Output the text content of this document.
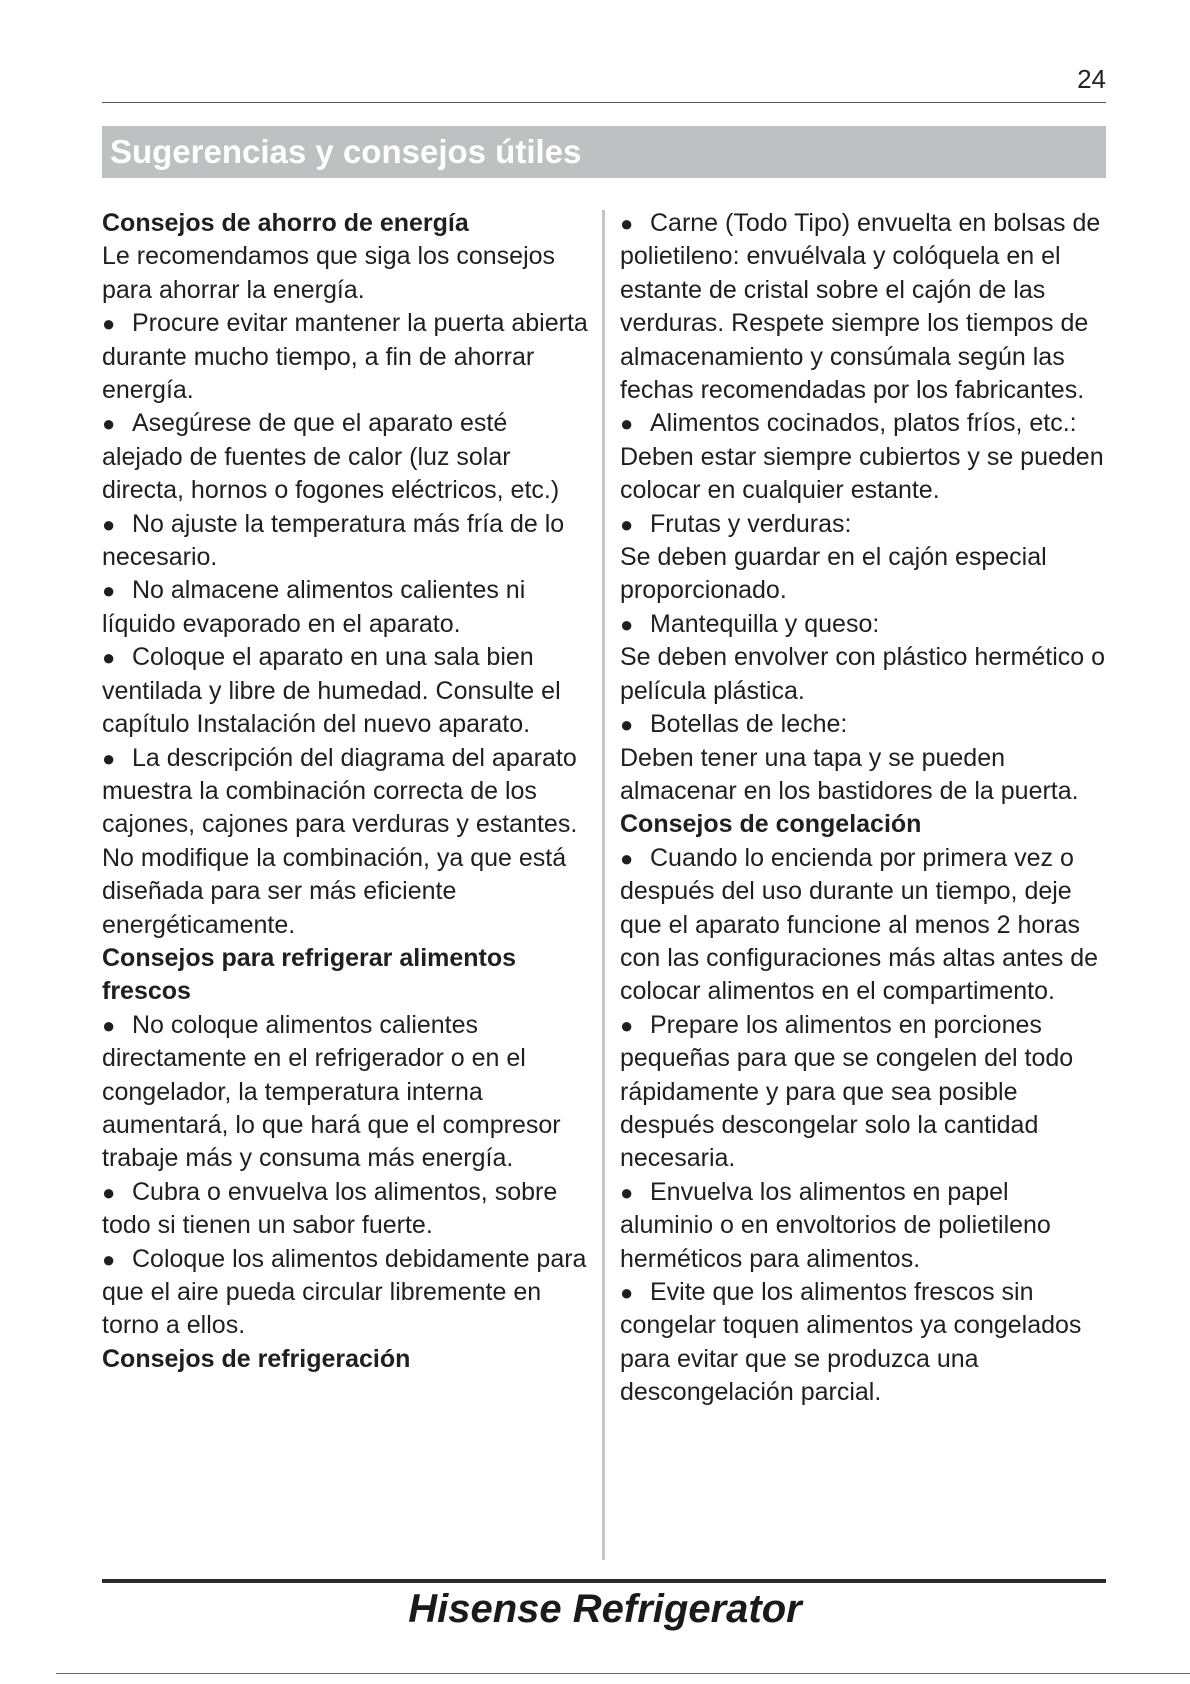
24
Sugerencias y consejos útiles

Consejos de ahorro de energía

Le recomendamos que siga los consejos para ahorrar la energía.

● Procure evitar mantener la puerta abierta durante mucho tiempo, a fin de ahorrar energía.

● Asegúrese de que el aparato esté alejado de fuentes de calor (luz solar directa, hornos o fogones eléctricos, etc.)

● No ajuste la temperatura más fría de lo necesario.

● No almacene alimentos calientes ni líquido evaporado en el aparato.

● Coloque el aparato en una sala bien ventilada y libre de humedad. Consulte el capítulo Instalación del nuevo aparato.

● La descripción del diagrama del aparato muestra la combinación correcta de los cajones, cajones para verduras y estantes. No modifique la combinación, ya que está diseñada para ser más eficiente energéticamente.

Consejos para refrigerar alimentos frescos

● No coloque alimentos calientes directamente en el refrigerador o en el congelador, la temperatura interna aumentará, lo que hará que el compresor trabaje más y consuma más energía.

● Cubra o envuelva los alimentos, sobre todo si tienen un sabor fuerte.

● Coloque los alimentos debidamente para que el aire pueda circular libremente en torno a ellos.

Consejos de refrigeración

● Carne (Todo Tipo) envuelta en bolsas de polietileno: envuélvala y colóquela en el estante de cristal sobre el cajón de las verduras. Respete siempre los tiempos de almacenamiento y consúmala según las fechas recomendadas por los fabricantes.

● Alimentos cocinados, platos fríos, etc.:

Deben estar siempre cubiertos y se pueden colocar en cualquier estante.

● Frutas y verduras:

Se deben guardar en el cajón especial proporcionado.

● Mantequilla y queso:

Se deben envolver con plástico hermético o película plástica.

● Botellas de leche:

Deben tener una tapa y se pueden almacenar en los bastidores de la puerta.

Consejos de congelación

● Cuando lo encienda por primera vez o después del uso durante un tiempo, deje que el aparato funcione al menos 2 horas con las configuraciones más altas antes de colocar alimentos en el compartimento.

● Prepare los alimentos en porciones pequeñas para que se congelen del todo rápidamente y para que sea posible después descongelar solo la cantidad necesaria.

● Envuelva los alimentos en papel aluminio o en envoltorios de polietileno herméticos para alimentos.

● Evite que los alimentos frescos sin congelar toquen alimentos ya congelados para evitar que se produzca una descongelación parcial.

Hisense Refrigerator
